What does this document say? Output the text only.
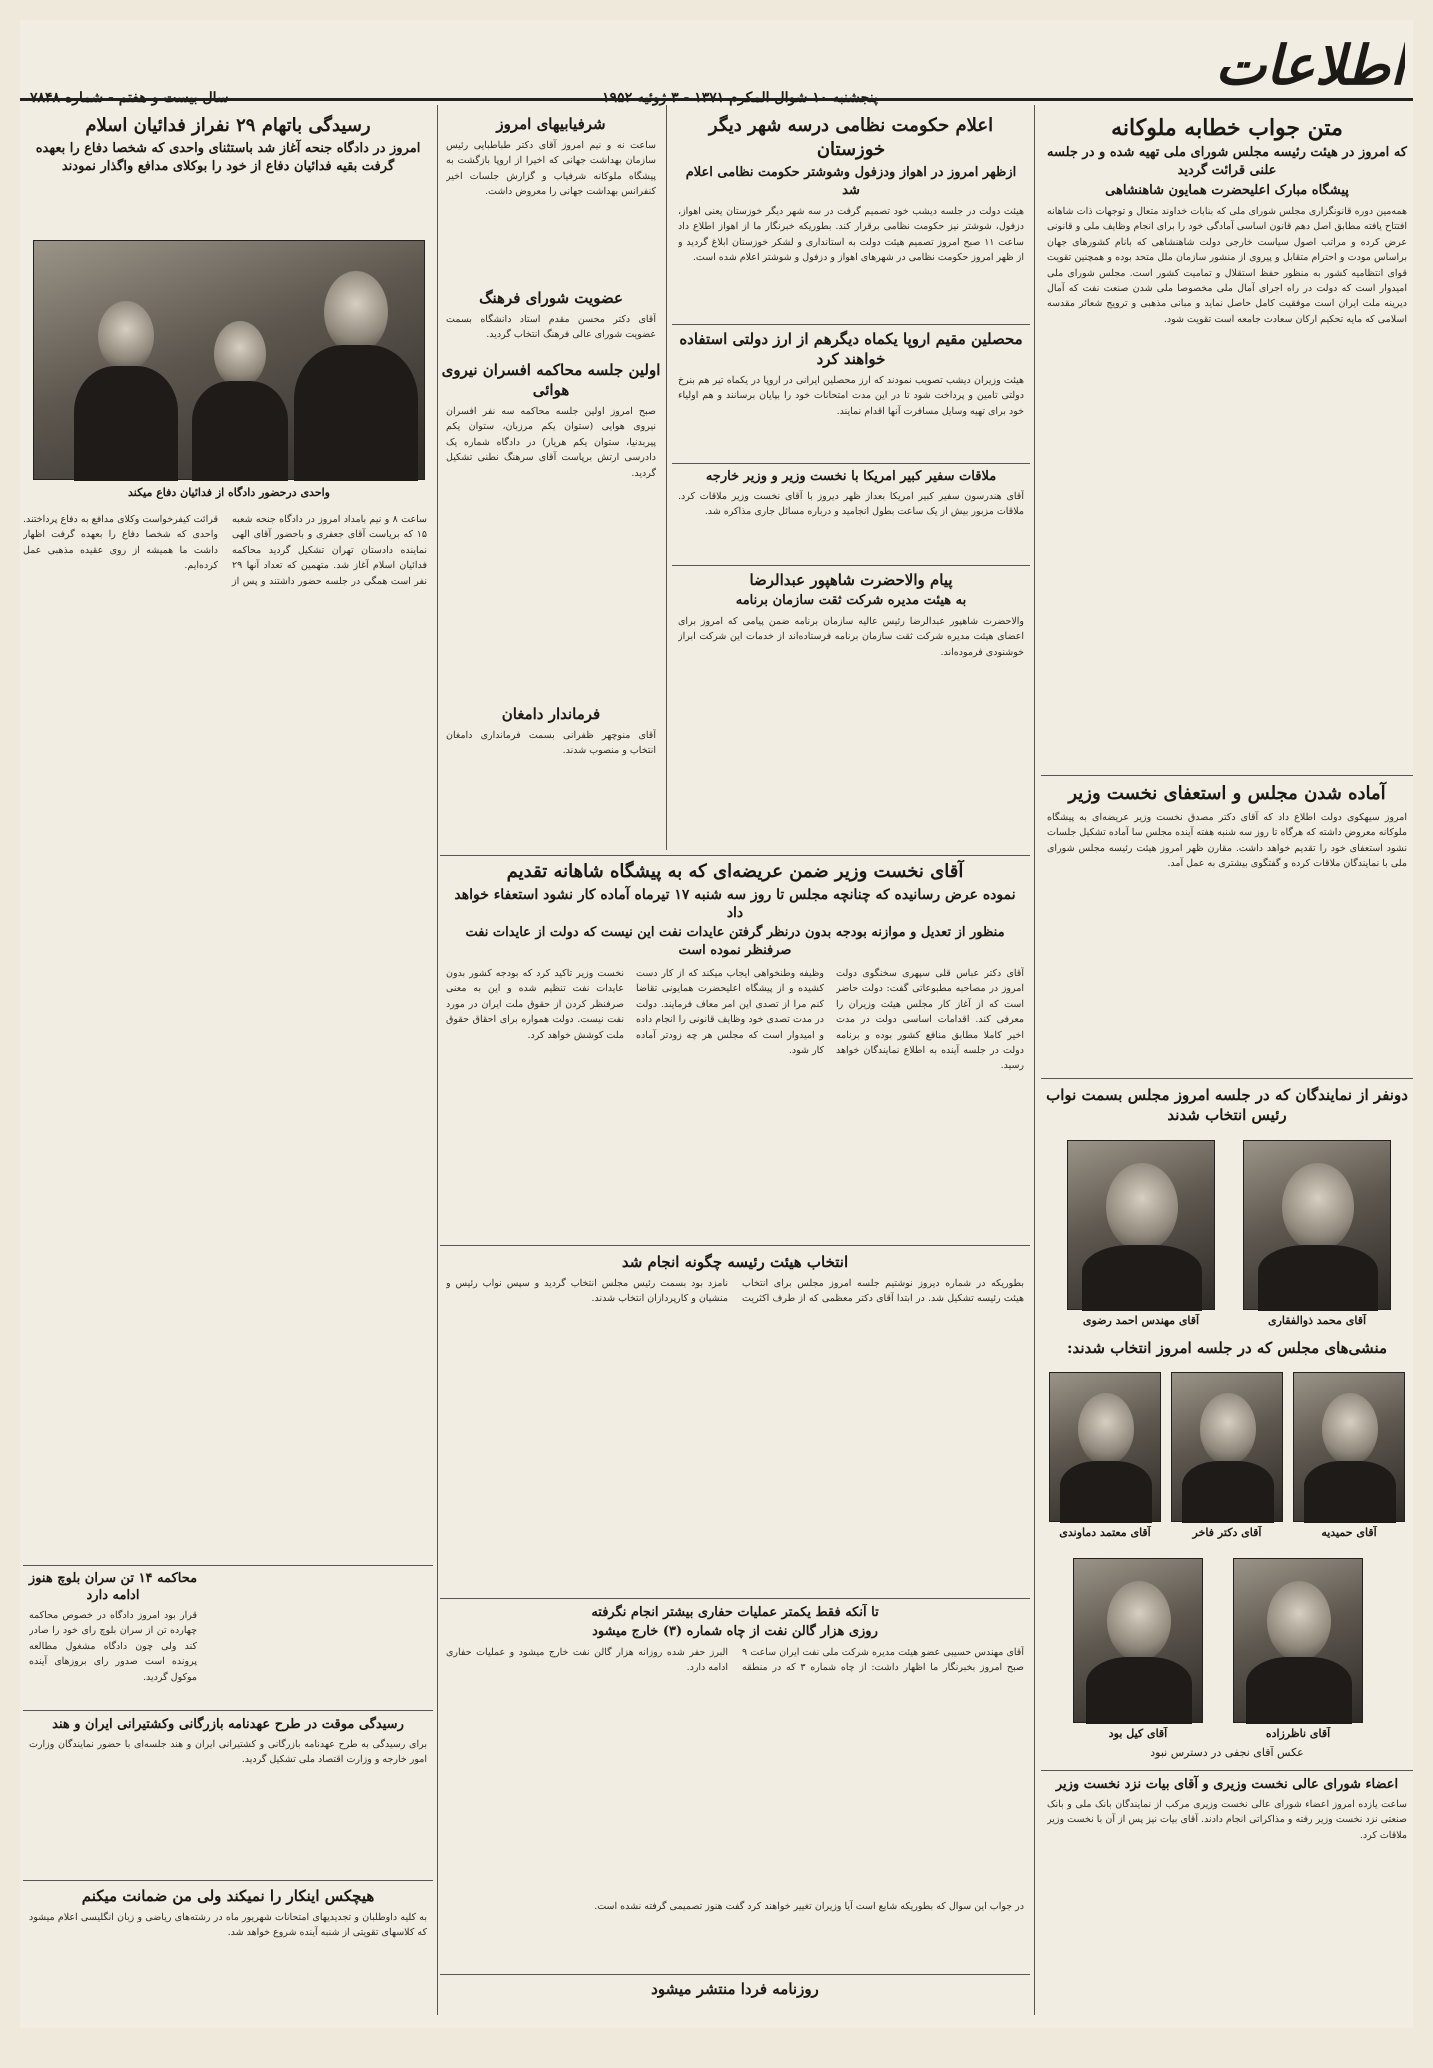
اطلاعات
متن جواب خطابه ملوکانه
که امروز در هیئت رئیسه مجلس شورای ملی تهیه شده و در جلسه علنی قرائت گردید
پیشگاه مبارک اعلیحضرت همایون شاهنشاهی
همه‌مین دوره قانونگزاری مجلس شورای ملی که بنابات خداوند متعال و توجهات ذات شاهانه افتتاح یافته مطابق اصل دهم قانون اساسی آمادگی خود را برای انجام وظایف ملی و قانونی عرض کرده و مراتب اصول سیاست خارجی دولت شاهنشاهی که بانام کشورهای جهان براساس مودت و احترام متقابل و پیروی از منشور سازمان ملل متحد بوده و همچنین تقویت قوای انتظامیه کشور به منظور حفظ استقلال و تمامیت کشور است. مجلس شورای ملی امیدوار است که دولت در راه اجرای آمال ملی مخصوصا ملی شدن صنعت نفت که آمال دیرینه ملت ایران است موفقیت کامل حاصل نماید و مبانی مذهبی و ترویج شعائر مقدسه اسلامی که مایه تحکیم ارکان سعادت جامعه است تقویت شود.
آماده شدن مجلس و استعفای نخست وزیر
امروز سیهکوی دولت اطلاع داد که آقای دکتر مصدق نخست وزیر عریضه‌ای به پیشگاه ملوکانه معروض داشته که هرگاه تا روز سه شنبه هفته آینده مجلس سا آماده تشکیل جلسات نشود استعفای خود را تقدیم خواهد داشت. مقارن ظهر امروز هیئت رئیسه مجلس شورای ملی با نمایندگان ملاقات کرده و گفتگوی بیشتری به عمل آمد.
دونفر از نمایندگان که در جلسه امروز مجلس بسمت نواب رئیس انتخاب شدند
آقای محمد ذوالفقاری
آقای مهندس احمد رضوی
منشی‌های مجلس که در جلسه امروز انتخاب شدند:
آقای حمیدیه
آقای دکتر فاخر
آقای معتمد دماوندی
آقای ناظرزاده
آقای کیل بود
عکس آقای نجفی در دسترس نبود
اعضاء شورای عالی نخست وزیری و آقای بیات نزد نخست وزیر
ساعت یازده امروز اعضاء شورای عالی نخست وزیری مرکب از نمایندگان بانک ملی و بانک صنعتی نزد نخست وزیر رفته و مذاکراتی انجام دادند. آقای بیات نیز پس از آن با نخست وزیر ملاقات کرد.
اعلام حکومت نظامی درسه شهر دیگر خوزستان
ازظهر امروز در اهواز ودزفول وشوشتر حکومت نظامی اعلام شد
هیئت دولت در جلسه دیشب خود تصمیم گرفت در سه شهر دیگر خوزستان یعنی اهواز، دزفول، شوشتر نیز حکومت نظامی برقرار کند. بطوریکه خبرنگار ما از اهواز اطلاع داد ساعت ۱۱ صبح امروز تصمیم هیئت دولت به استانداری و لشکر خوزستان ابلاغ گردید و از ظهر امروز حکومت نظامی در شهرهای اهواز و دزفول و شوشتر اعلام شده است.
محصلین مقیم اروپا یکماه دیگرهم از ارز دولتی استفاده خواهند کرد
هیئت وزیران دیشب تصویب نمودند که ارز محصلین ایرانی در اروپا در یکماه تیر هم بنرخ دولتی تامین و پرداخت شود تا در این مدت امتحانات خود را بپایان برسانند و هم اولیاء خود برای تهیه وسایل مسافرت آنها اقدام نمایند.
ملاقات سفیر کبیر امریکا با نخست وزیر و وزیر خارجه
آقای هندرسون سفیر کبیر امریکا بعداز ظهر دیروز با آقای نخست وزیر ملاقات کرد. ملاقات مزبور بیش از یک ساعت بطول انجامید و درباره مسائل جاری مذاکره شد.
پیام والاحضرت شاهپور عبدالرضا
به هیئت مدیره شرکت ثقت سازمان برنامه
والاحضرت شاهپور عبدالرضا رئیس عالیه سازمان برنامه ضمن پیامی که امروز برای اعضای هیئت مدیره شرکت ثقت سازمان برنامه فرستاده‌اند از خدمات این شرکت ابراز خوشنودی فرموده‌اند.
شرفیابیهای امروز
ساعت نه و نیم امروز آقای دکتر طباطبایی رئیس سازمان بهداشت جهانی که اخیرا از اروپا بازگشت به پیشگاه ملوکانه شرفیاب و گزارش جلسات اخیر کنفرانس بهداشت جهانی را معروض داشت.
عضویت شورای فرهنگ
آقای دکتر محسن مقدم استاد دانشگاه بسمت عضویت شورای عالی فرهنگ انتخاب گردید.
اولین جلسه محاکمه افسران نیروی هوائی
صبح امروز اولین جلسه محاکمه سه نفر افسران نیروی هوایی (ستوان یکم مرزبان، ستوان یکم پیربدنیا، ستوان یکم هریار) در دادگاه شماره یک دادرسی ارتش برپاست آقای سرهنگ نطنی تشکیل گردید.
فرماندار دامغان
آقای منوچهر ظفرانی بسمت فرمانداری دامغان انتخاب و منصوب شدند.
آقای نخست وزیر ضمن عریضه‌ای که به پیشگاه شاهانه تقدیم
نموده عرض رسانیده که چنانچه مجلس تا روز سه شنبه ۱۷ تیرماه آماده کار نشود استعفاء خواهد داد
منظور از تعدیل و موازنه بودجه بدون درنظر گرفتن عایدات نفت این نیست که دولت از عایدات نفت صرفنظر نموده است
آقای دکتر عباس قلی سپهری سخنگوی دولت امروز در مصاحبه مطبوعاتی گفت: دولت حاضر است که از آغاز کار مجلس هیئت وزیران را معرفی کند. اقدامات اساسی دولت در مدت اخیر کاملا مطابق منافع کشور بوده و برنامه دولت در جلسه آینده به اطلاع نمایندگان خواهد رسید.
وظیفه وطنخواهی ایجاب میکند که از کار دست کشیده و از پیشگاه اعلیحضرت همایونی تقاضا کنم مرا از تصدی این امر معاف فرمایند. دولت در مدت تصدی خود وظایف قانونی را انجام داده و امیدوار است که مجلس هر چه زودتر آماده کار شود.
نخست وزیر تاکید کرد که بودجه کشور بدون عایدات نفت تنظیم شده و این به معنی صرفنظر کردن از حقوق ملت ایران در مورد نفت نیست. دولت همواره برای احقاق حقوق ملت کوشش خواهد کرد.
انتخاب هیئت رئیسه چگونه انجام شد
بطوریکه در شماره دیروز نوشتیم جلسه امروز مجلس برای انتخاب هیئت رئیسه تشکیل شد. در ابتدا آقای دکتر معظمی که از طرف اکثریت نامزد بود بسمت رئیس مجلس انتخاب گردید و سپس نواب رئیس و منشیان و کارپردازان انتخاب شدند.
تا آنکه فقط یکمتر عملیات حفاری بیشتر انجام نگرفته
روزی هزار گالن نفت از چاه شماره (۳) خارج میشود
آقای مهندس حسیبی عضو هیئت مدیره شرکت ملی نفت ایران ساعت ۹ صبح امروز بخبرنگار ما اظهار داشت: از چاه شماره ۳ که در منطقه البرز حفر شده روزانه هزار گالن نفت خارج میشود و عملیات حفاری ادامه دارد.
در جواب این سوال که بطوریکه شایع است آیا وزیران تغییر خواهند کرد گفت هنوز تصمیمی گرفته نشده است.
روزنامه فردا منتشر میشود
رسیدگی باتهام ۲۹ نفراز فدائیان اسلام
امروز در دادگاه جنحه آغاز شد باستثنای واحدی که شخصا دفاع را بعهده گرفت بقیه فدائیان دفاع از خود را بوکلای مدافع واگذار نمودند
واحدی درحضور دادگاه از فدائیان دفاع میکند
ساعت ۸ و نیم بامداد امروز در دادگاه جنحه شعبه ۱۵ که بریاست آقای جعفری و باحضور آقای الهی نماینده دادستان تهران تشکیل گردید محاکمه فدائیان اسلام آغاز شد. متهمین که تعداد آنها ۲۹ نفر است همگی در جلسه حضور داشتند و پس از قرائت کیفرخواست وکلای مدافع به دفاع پرداختند. واحدی که شخصا دفاع را بعهده گرفت اظهار داشت ما همیشه از روی عقیده مذهبی عمل کرده‌ایم.
محاکمه ۱۴ تن سران بلوچ هنوز ادامه دارد
قرار بود امروز دادگاه در خصوص محاکمه چهارده تن از سران بلوچ رای خود را صادر کند ولی چون دادگاه مشغول مطالعه پرونده است صدور رای بروزهای آینده موکول گردید.
رسیدگی موقت در طرح عهدنامه بازرگانی وکشتیرانی ایران و هند
برای رسیدگی به طرح عهدنامه بازرگانی و کشتیرانی ایران و هند جلسه‌ای با حضور نمایندگان وزارت امور خارجه و وزارت اقتصاد ملی تشکیل گردید.
هیچکس اینکار را نمیکند ولی من ضمانت میکنم
به کلیه داوطلبان و تجدیدیهای امتحانات شهریور ماه در رشته‌های ریاضی و زبان انگلیسی اعلام میشود که کلاسهای تقویتی از شنبه آینده شروع خواهد شد.
